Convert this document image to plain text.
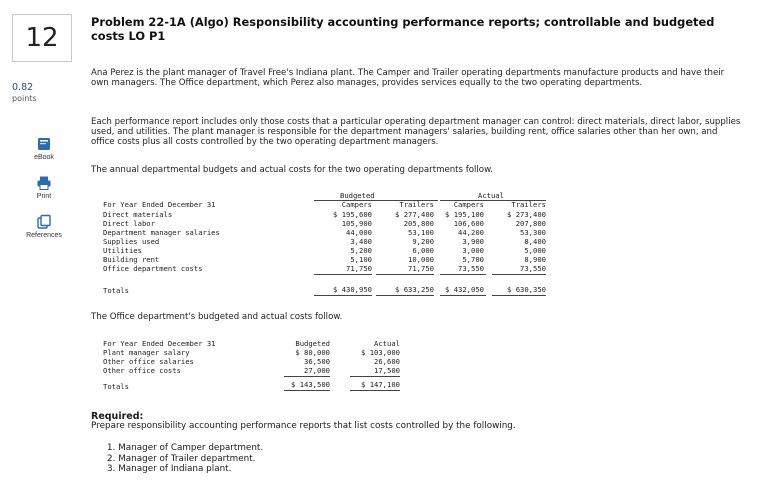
12
0.82
points
eBook
Print
References
Problem 22-1A (Algo) Responsibility accounting performance reports; controllable and budgeted costs LO P1
Ana Perez is the plant manager of Travel Free's Indiana plant. The Camper and Trailer operating departments manufacture products and have their own managers. The Office department, which Perez also manages, provides services equally to the two operating departments.
Each performance report includes only those costs that a particular operating department manager can control: direct materials, direct labor, supplies used, and utilities. The plant manager is responsible for the department managers' salaries, building rent, office salaries other than her own, and office costs plus all costs controlled by the two operating department managers.
The annual departmental budgets and actual costs for the two operating departments follow.
Budgeted	Actual
For Year Ended December 31	Campers	Trailers	Campers	Trailers
Direct materials	$ 195,600	$ 277,400	$ 195,100	$ 273,400
Direct labor	105,900	205,800	106,600	207,800
Department manager salaries	44,000	53,100	44,200	53,300
Supplies used	3,400	9,200	3,900	8,400
Utilities	5,200	6,000	3,000	5,000
Building rent	5,100	10,000	5,700	8,900
Office department costs	71,750	71,750	73,550	73,550
Totals	$ 430,950	$ 633,250	$ 432,050	$ 630,350
The Office department's budgeted and actual costs follow.
For Year Ended December 31	Budgeted	Actual
Plant manager salary	$ 80,000	$ 103,000
Other office salaries	36,500	26,600
Other office costs	27,000	17,500
Totals	$ 143,500	$ 147,100
Required:
Prepare responsibility accounting performance reports that list costs controlled by the following.
1. Manager of Camper department.
2. Manager of Trailer department.
3. Manager of Indiana plant.
